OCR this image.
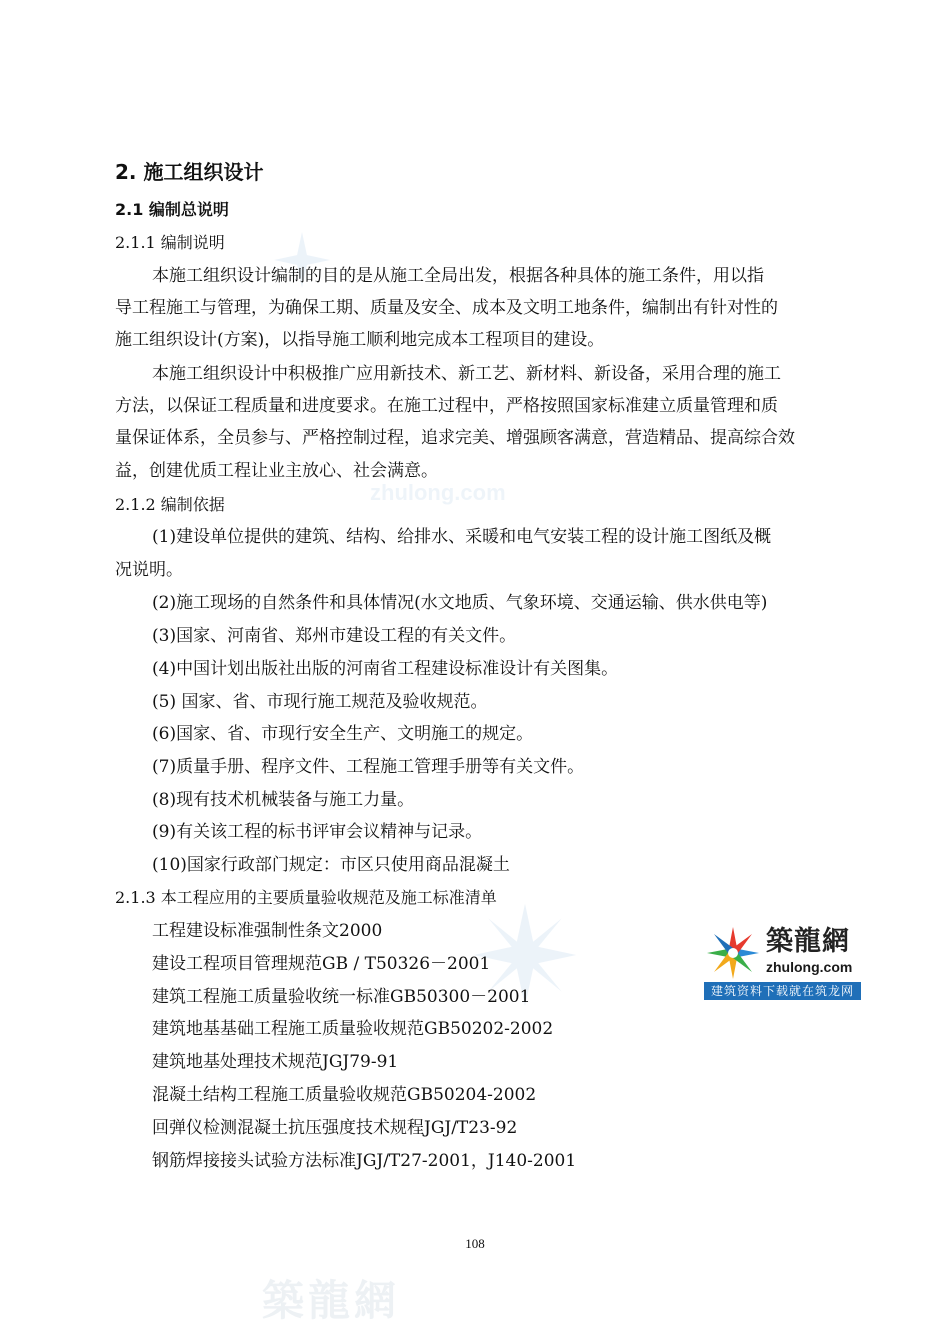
zhulong.com
築龍網
2. 施工组织设计
2.1 编制总说明
2.1.1 编制说明
本施工组织设计编制的目的是从施工全局出发，根据各种具体的施工条件，用以指
导工程施工与管理，为确保工期、质量及安全、成本及文明工地条件，编制出有针对性的
施工组织设计(方案)，以指导施工顺利地完成本工程项目的建设。
本施工组织设计中积极推广应用新技术、新工艺、新材料、新设备，采用合理的施工
方法，以保证工程质量和进度要求。在施工过程中，严格按照国家标准建立质量管理和质
量保证体系，全员参与、严格控制过程，追求完美、增强顾客满意，营造精品、提高综合效
益，创建优质工程让业主放心、社会满意。
2.1.2 编制依据
(1)建设单位提供的建筑、结构、给排水、采暖和电气安装工程的设计施工图纸及概
况说明。
(2)施工现场的自然条件和具体情况(水文地质、气象环境、交通运输、供水供电等)
(3)国家、河南省、郑州市建设工程的有关文件。
(4)中国计划出版社出版的河南省工程建设标准设计有关图集。
(5) 国家、省、市现行施工规范及验收规范。
(6)国家、省、市现行安全生产、文明施工的规定。
(7)质量手册、程序文件、工程施工管理手册等有关文件。
(8)现有技术机械装备与施工力量。
(9)有关该工程的标书评审会议精神与记录。
(10)国家行政部门规定：市区只使用商品混凝土
2.1.3 本工程应用的主要质量验收规范及施工标准清单
工程建设标准强制性条文2000
建设工程项目管理规范GB / T50326－2001
建筑工程施工质量验收统一标准GB50300－2001
建筑地基基础工程施工质量验收规范GB50202-2002
建筑地基处理技术规范JGJ79-91
混凝土结构工程施工质量验收规范GB50204-2002
回弹仪检测混凝土抗压强度技术规程JGJ/T23-92
钢筋焊接接头试验方法标准JGJ/T27-2001，J140-2001
築龍網
zhulong.com
建筑资料下载就在筑龙网
108
